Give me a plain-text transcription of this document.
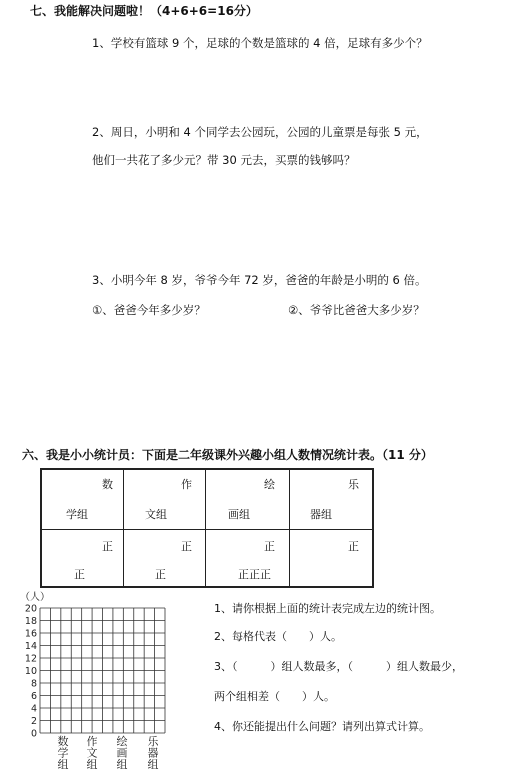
七、我能解决问题啦！（4+6+6=16分）
1、学校有篮球 9 个，足球的个数是篮球的 4 倍，足球有多少个？
2、周日，小明和 4 个同学去公园玩，公园的儿童票是每张 5 元，
他们一共花了多少元？带 30 元去，买票的钱够吗？
3、小明今年 8 岁，爷爷今年 72 岁，爸爸的年龄是小明的 6 倍。
①、爸爸今年多少岁？	②、爷爷比爸爸大多少岁？
六、我是小小统计员：下面是二年级课外兴趣小组人数情况统计表。（11 分）
数
学组
作
文组
绘
画组
乐
器组
正
正
正
正
正
正正正
正
（人）
0
2
4
6
8
10
12
14
16
18
20
数学组
作文组
绘画组
乐器组
1、请你根据上面的统计表完成左边的统计图。
2、每格代表（　　）人。
3、（　　　）组人数最多，（　　　）组人数最少，
两个组相差（　　）人。
4、你还能提出什么问题？请列出算式计算。
